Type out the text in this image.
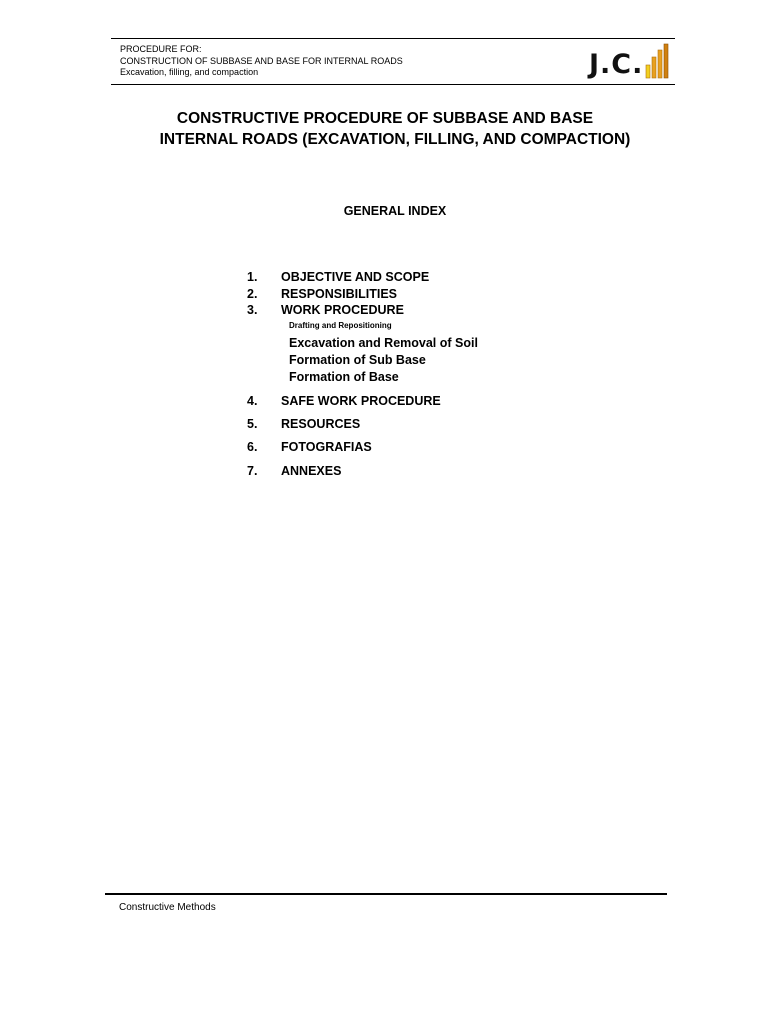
PROCEDURE FOR:
CONSTRUCTION OF SUBBASE AND BASE FOR INTERNAL ROADS
Excavation, filling, and compaction	J.C.
CONSTRUCTIVE PROCEDURE OF SUBBASE AND BASE
INTERNAL ROADS (EXCAVATION, FILLING, AND COMPACTION)
GENERAL INDEX
1. OBJECTIVE AND SCOPE
2. RESPONSIBILITIES
3. WORK PROCEDURE
Drafting and Repositioning
Excavation and Removal of Soil
Formation of Sub Base
Formation of Base
4. SAFE WORK PROCEDURE
5. RESOURCES
6. FOTOGRAFIAS
7. ANNEXES
Constructive Methods
